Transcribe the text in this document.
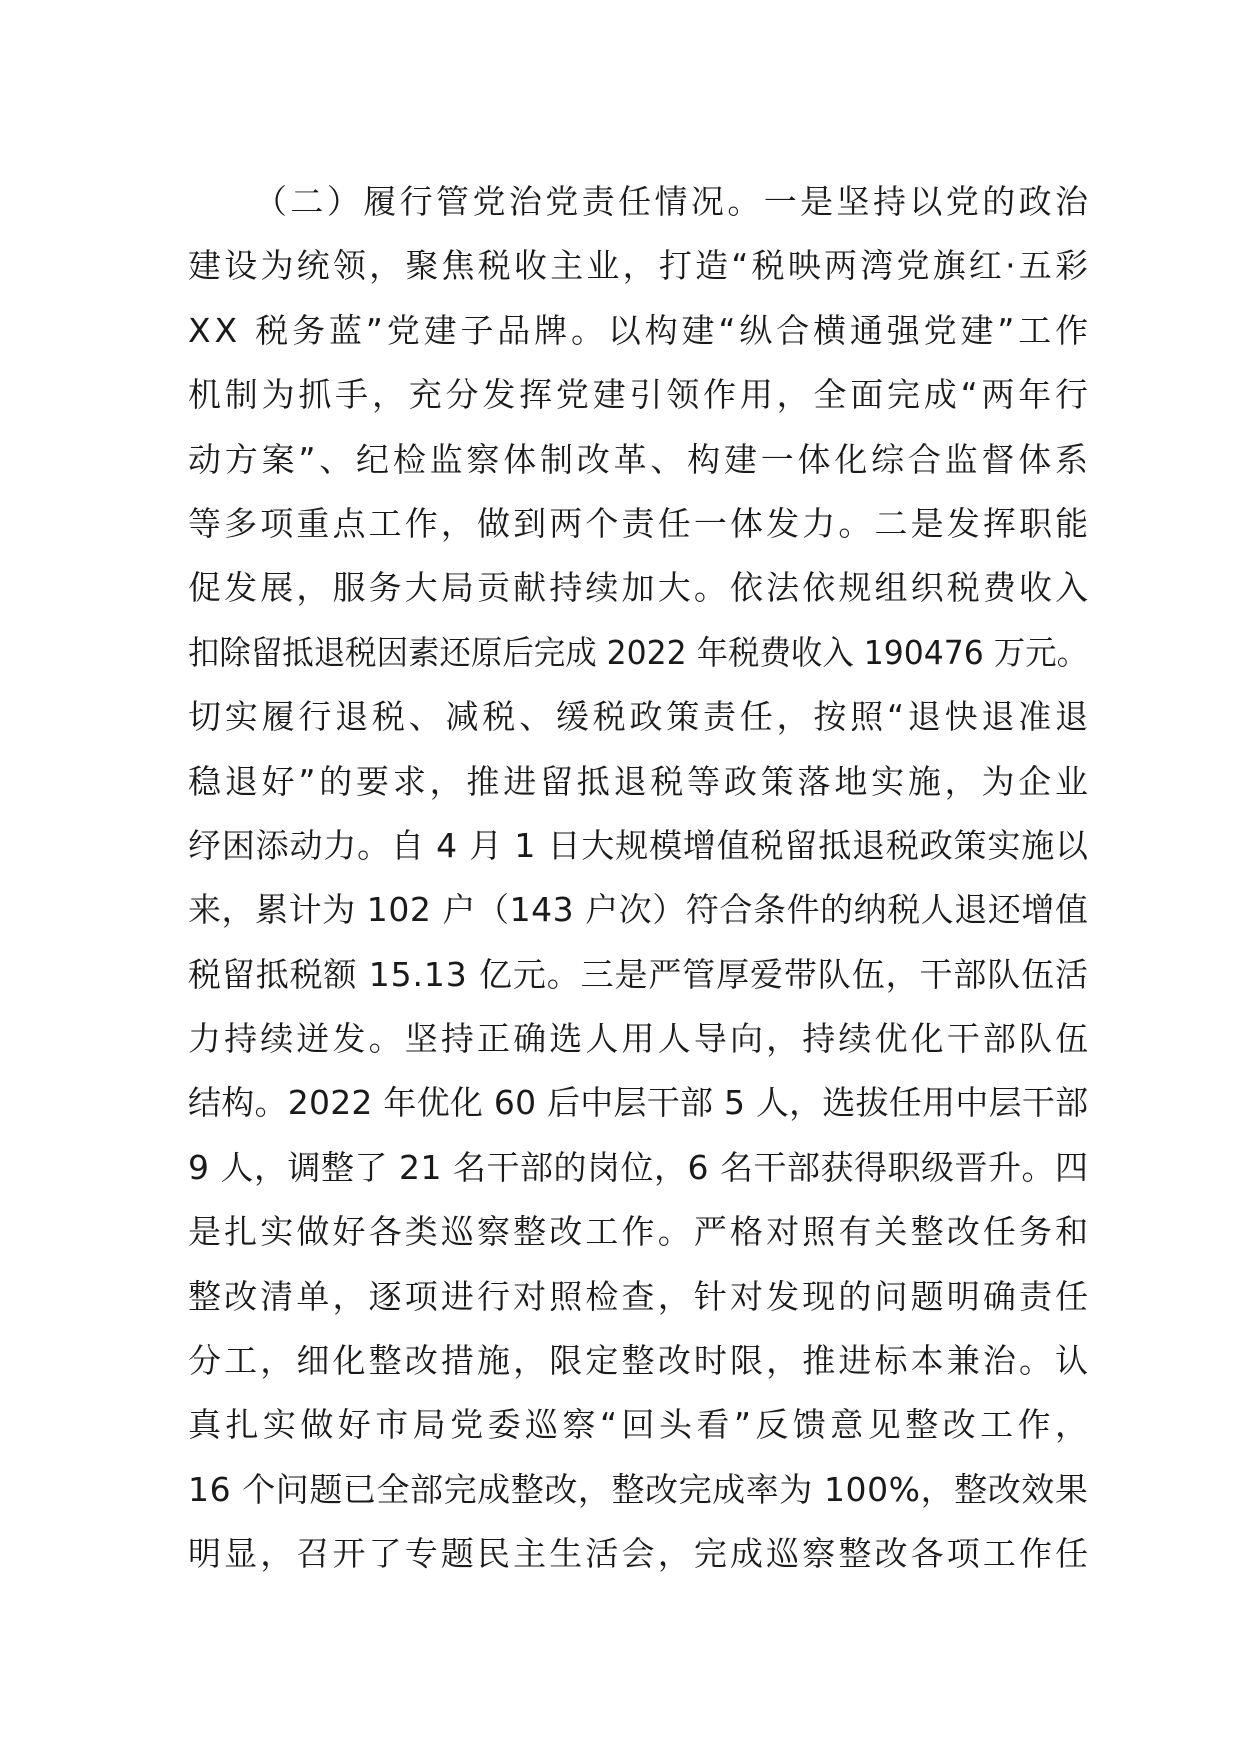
（二）履行管党治党责任情况。一是坚持以党的政治
建设为统领，聚焦税收主业，打造“税映两湾党旗红·五彩
XX 税务蓝”党建子品牌。以构建“纵合横通强党建”工作
机制为抓手，充分发挥党建引领作用，全面完成“两年行
动方案”、纪检监察体制改革、构建一体化综合监督体系
等多项重点工作，做到两个责任一体发力。二是发挥职能
促发展，服务大局贡献持续加大。依法依规组织税费收入
扣除留抵退税因素还原后完成 2022 年税费收入 190476 万元。
切实履行退税、减税、缓税政策责任，按照“退快退准退
稳退好”的要求，推进留抵退税等政策落地实施，为企业
纾困添动力。自 4 月 1 日大规模增值税留抵退税政策实施以
来，累计为 102 户（143 户次）符合条件的纳税人退还增值
税留抵税额 15.13 亿元。三是严管厚爱带队伍，干部队伍活
力持续迸发。坚持正确选人用人导向，持续优化干部队伍
结构。2022 年优化 60 后中层干部 5 人，选拔任用中层干部
9 人，调整了 21 名干部的岗位，6 名干部获得职级晋升。四
是扎实做好各类巡察整改工作。严格对照有关整改任务和
整改清单，逐项进行对照检查，针对发现的问题明确责任
分工，细化整改措施，限定整改时限，推进标本兼治。认
真扎实做好市局党委巡察“回头看”反馈意见整改工作，
16 个问题已全部完成整改，整改完成率为 100%，整改效果
明显，召开了专题民主生活会，完成巡察整改各项工作任
